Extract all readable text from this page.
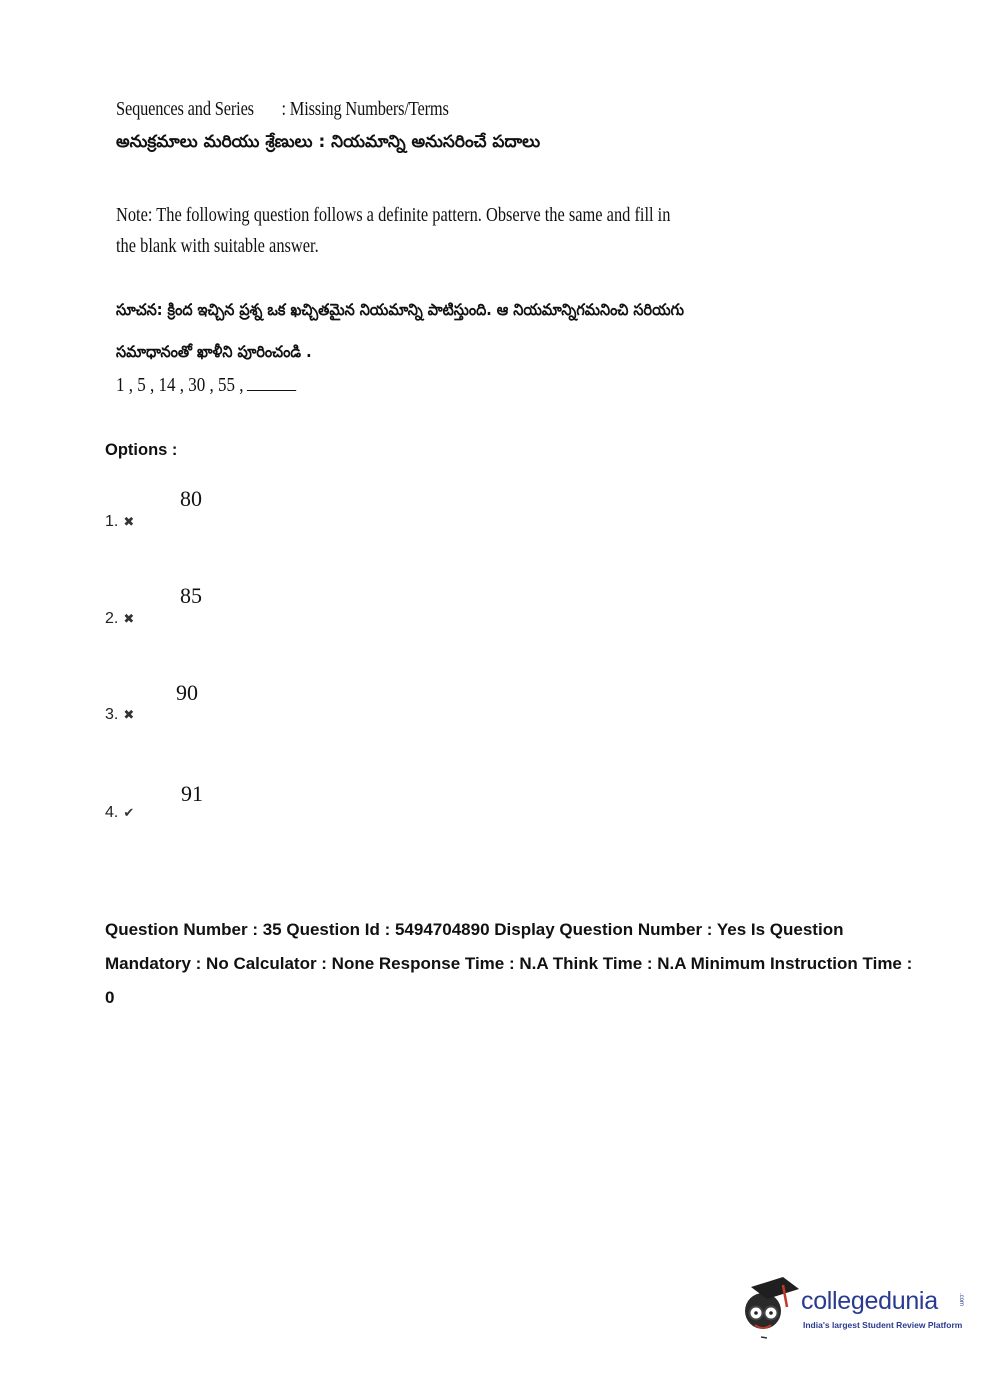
Sequences and Series       : Missing Numbers/Terms
అనుక్రమాలు మరియు శ్రేణులు : నియమాన్ని అనుసరించే పదాలు
Note: The following question follows a definite pattern. Observe the same and fill in the blank with suitable answer.
సూచన: క్రింద ఇచ్చిన ప్రశ్న ఒక ఖచ్చితమైన నియమాన్ని పాటిస్తుంది. ఆ నియమాన్నిగమనించి సరియగు సమాధానంతో ఖాళీని పూరించండి .
1 , 5 , 14 , 30 , 55 ,
Options :
1. ✖
80
2. ✖
85
3. ✖
90
4. ✔
91
Question Number : 35 Question Id : 5494704890 Display Question Number : Yes Is Question Mandatory : No Calculator : None Response Time : N.A Think Time : N.A Minimum Instruction Time : 0
collegedunia	.com
India's largest Student Review Platform
